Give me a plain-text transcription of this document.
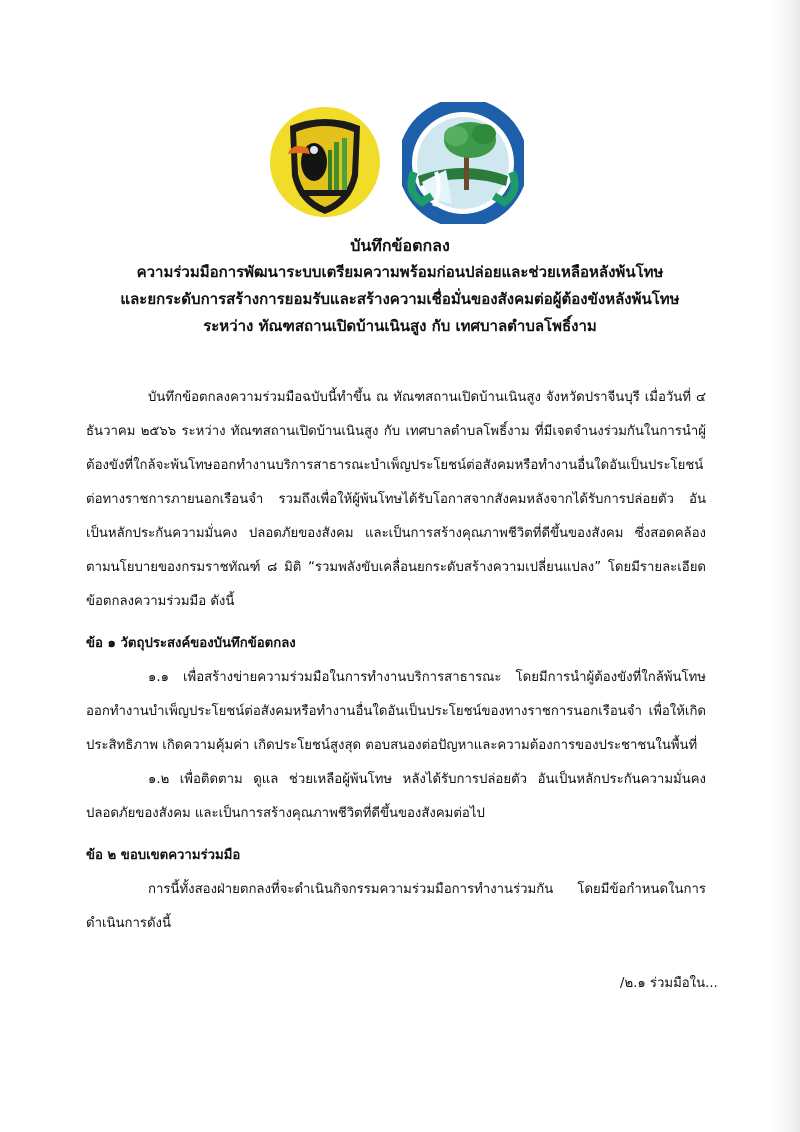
บันทึกข้อตกลง
ความร่วมมือการพัฒนาระบบเตรียมความพร้อมก่อนปล่อยและช่วยเหลือหลังพ้นโทษ
และยกระดับการสร้างการยอมรับและสร้างความเชื่อมั่นของสังคมต่อผู้ต้องขังหลังพ้นโทษ
ระหว่าง ทัณฑสถานเปิดบ้านเนินสูง กับ เทศบาลตำบลโพธิ์งาม

บันทึกข้อตกลงความร่วมมือฉบับนี้ทำขึ้น ณ ทัณฑสถานเปิดบ้านเนินสูง จังหวัดปราจีนบุรี เมื่อวันที่ ๔ ธันวาคม ๒๕๖๖ ระหว่าง ทัณฑสถานเปิดบ้านเนินสูง กับ เทศบาลตำบลโพธิ์งาม ที่มีเจตจำนงร่วมกันในการนำผู้ต้องขังที่ใกล้จะพ้นโทษออกทำงานบริการสาธารณะบำเพ็ญประโยชน์ต่อสังคมหรือทำงานอื่นใดอันเป็นประโยชน์ต่อทางราชการภายนอกเรือนจำ รวมถึงเพื่อให้ผู้พ้นโทษได้รับโอกาสจากสังคมหลังจากได้รับการปล่อยตัว อันเป็นหลักประกันความมั่นคง ปลอดภัยของสังคม และเป็นการสร้างคุณภาพชีวิตที่ดีขึ้นของสังคม ซึ่งสอดคล้องตามนโยบายของกรมราชทัณฑ์ ๘ มิติ “รวมพลังขับเคลื่อนยกระดับสร้างความเปลี่ยนแปลง” โดยมีรายละเอียดข้อตกลงความร่วมมือ ดังนี้

ข้อ ๑ วัตถุประสงค์ของบันทึกข้อตกลง

๑.๑ เพื่อสร้างข่ายความร่วมมือในการทำงานบริการสาธารณะ โดยมีการนำผู้ต้องขังที่ใกล้พ้นโทษออกทำงานบำเพ็ญประโยชน์ต่อสังคมหรือทำงานอื่นใดอันเป็นประโยชน์ของทางราชการนอกเรือนจำ เพื่อให้เกิดประสิทธิภาพ เกิดความคุ้มค่า เกิดประโยชน์สูงสุด ตอบสนองต่อปัญหาและความต้องการของประชาชนในพื้นที่

๑.๒ เพื่อติดตาม ดูแล ช่วยเหลือผู้พ้นโทษ หลังได้รับการปล่อยตัว อันเป็นหลักประกันความมั่นคง ปลอดภัยของสังคม และเป็นการสร้างคุณภาพชีวิตที่ดีขึ้นของสังคมต่อไป

ข้อ ๒ ขอบเขตความร่วมมือ

การนี้ทั้งสองฝ่ายตกลงที่จะดำเนินกิจกรรมความร่วมมือการทำงานร่วมกัน โดยมีข้อกำหนดในการดำเนินการดังนี้

/๒.๑ ร่วมมือใน...
